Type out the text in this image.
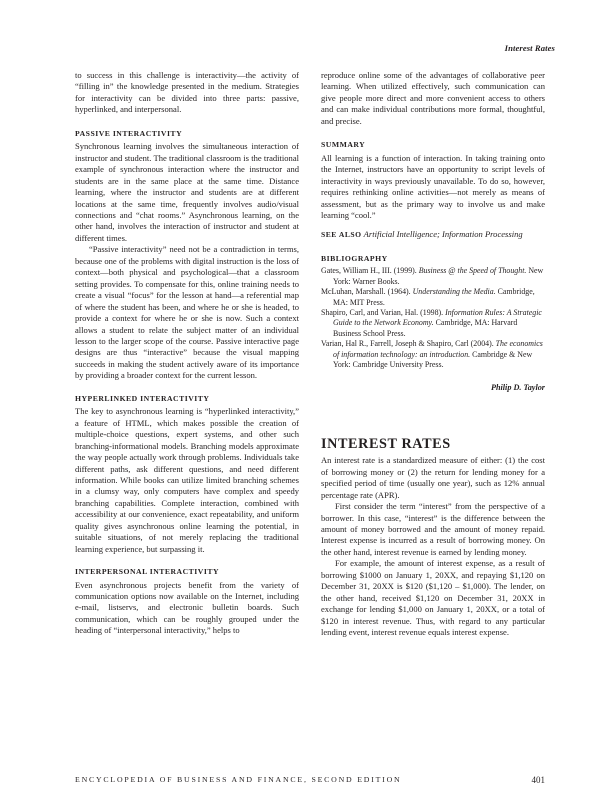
Interest Rates

to success in this challenge is interactivity—the activity of “filling in” the knowledge presented in the medium. Strategies for interactivity can be divided into three parts: passive, hyperlinked, and interpersonal.

PASSIVE INTERACTIVITY

Synchronous learning involves the simultaneous interaction of instructor and student. The traditional classroom is the traditional example of synchronous interaction where the instructor and students are in the same place at the same time. Distance learning, where the instructor and students are at different locations at the same time, frequently involves audio/visual connections and “chat rooms.” Asynchronous learning, on the other hand, involves the interaction of instructor and student at different times.

“Passive interactivity” need not be a contradiction in terms, because one of the problems with digital instruction is the loss of context—both physical and psychological—that a classroom setting provides. To compensate for this, online training needs to create a visual “focus” for the lesson at hand—a referential map of where the student has been, and where he or she is headed, to provide a context for where he or she is now. Such a context allows a student to relate the subject matter of an individual lesson to the larger scope of the course. Passive interactive page designs are thus “interactive” because the visual mapping succeeds in making the student actively aware of its importance by providing a broader context for the current lesson.

HYPERLINKED INTERACTIVITY

The key to asynchronous learning is “hyperlinked interactivity,” a feature of HTML, which makes possible the creation of multiple-choice questions, expert systems, and other such branching-informational models. Branching models approximate the way people actually work through problems. Individuals take different paths, ask different questions, and need different information. While books can utilize limited branching schemes in a clumsy way, only computers have complex and speedy branching capabilities. Complete interaction, combined with accessibility at our convenience, exact repeatability, and uniform quality gives asynchronous online learning the potential, in suitable situations, of not merely replacing the traditional learning experience, but surpassing it.

INTERPERSONAL INTERACTIVITY

Even asynchronous projects benefit from the variety of communication options now available on the Internet, including e-mail, listservs, and electronic bulletin boards. Such communication, which can be roughly grouped under the heading of “interpersonal interactivity,” helps to

reproduce online some of the advantages of collaborative peer learning. When utilized effectively, such communication can give people more direct and more convenient access to others and can make individual contributions more formal, thoughtful, and precise.

SUMMARY

All learning is a function of interaction. In taking training onto the Internet, instructors have an opportunity to script levels of interactivity in ways previously unavailable. To do so, however, requires rethinking online activities—not merely as means of assessment, but as the primary way to involve us and make learning “cool.”

SEE ALSO Artificial Intelligence; Information Processing
BIBLIOGRAPHY

Gates, William H., III. (1999). Business @ the Speed of Thought. New York: Warner Books.

McLuhan, Marshall. (1964). Understanding the Media. Cambridge, MA: MIT Press.

Shapiro, Carl, and Varian, Hal. (1998). Information Rules: A Strategic Guide to the Network Economy. Cambridge, MA: Harvard Business School Press.

Varian, Hal R., Farrell, Joseph & Shapiro, Carl (2004). The economics of information technology: an introduction. Cambridge & New York: Cambridge University Press.

Philip D. Taylor
INTEREST RATES

An interest rate is a standardized measure of either: (1) the cost of borrowing money or (2) the return for lending money for a specified period of time (usually one year), such as 12% annual percentage rate (APR).

First consider the term “interest” from the perspective of a borrower. In this case, “interest” is the difference between the amount of money borrowed and the amount of money repaid. Interest expense is incurred as a result of borrowing money. On the other hand, interest revenue is earned by lending money.

For example, the amount of interest expense, as a result of borrowing $1000 on January 1, 20XX, and repaying $1,120 on December 31, 20XX is $120 ($1,120 – $1,000). The lender, on the other hand, received $1,120 on December 31, 20XX in exchange for lending $1,000 on January 1, 20XX, or a total of $120 in interest revenue. Thus, with regard to any particular lending event, interest revenue equals interest expense.

ENCYCLOPEDIA OF BUSINESS AND FINANCE, SECOND EDITION	401
